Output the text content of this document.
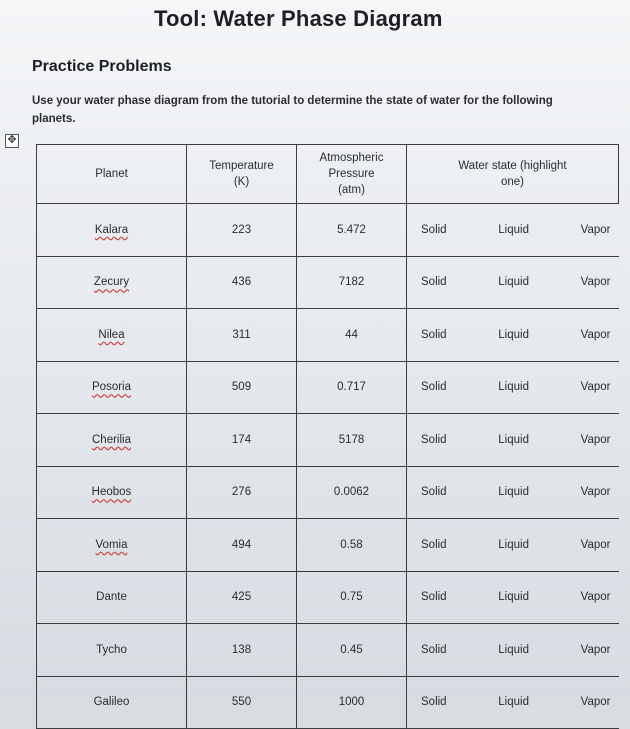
Tool: Water Phase Diagram
Practice Problems
Use your water phase diagram from the tutorial to determine the state of water for the following planets.
✥
Planet	Temperature (K)	Atmospheric Pressure (atm)	Water state (highlight one)
Kalara	223	5.472	Solid Liquid Vapor

Zecury	436	7182	Solid Liquid Vapor

Nilea	311	44	Solid Liquid Vapor

Posoria	509	0.717	Solid Liquid Vapor

Cherilia	174	5178	Solid Liquid Vapor

Heobos	276	0.0062	Solid Liquid Vapor

Vomia	494	0.58	Solid Liquid Vapor

Dante	425	0.75	Solid Liquid Vapor

Tycho	138	0.45	Solid Liquid Vapor

Galileo	550	1000	Solid Liquid Vapor
